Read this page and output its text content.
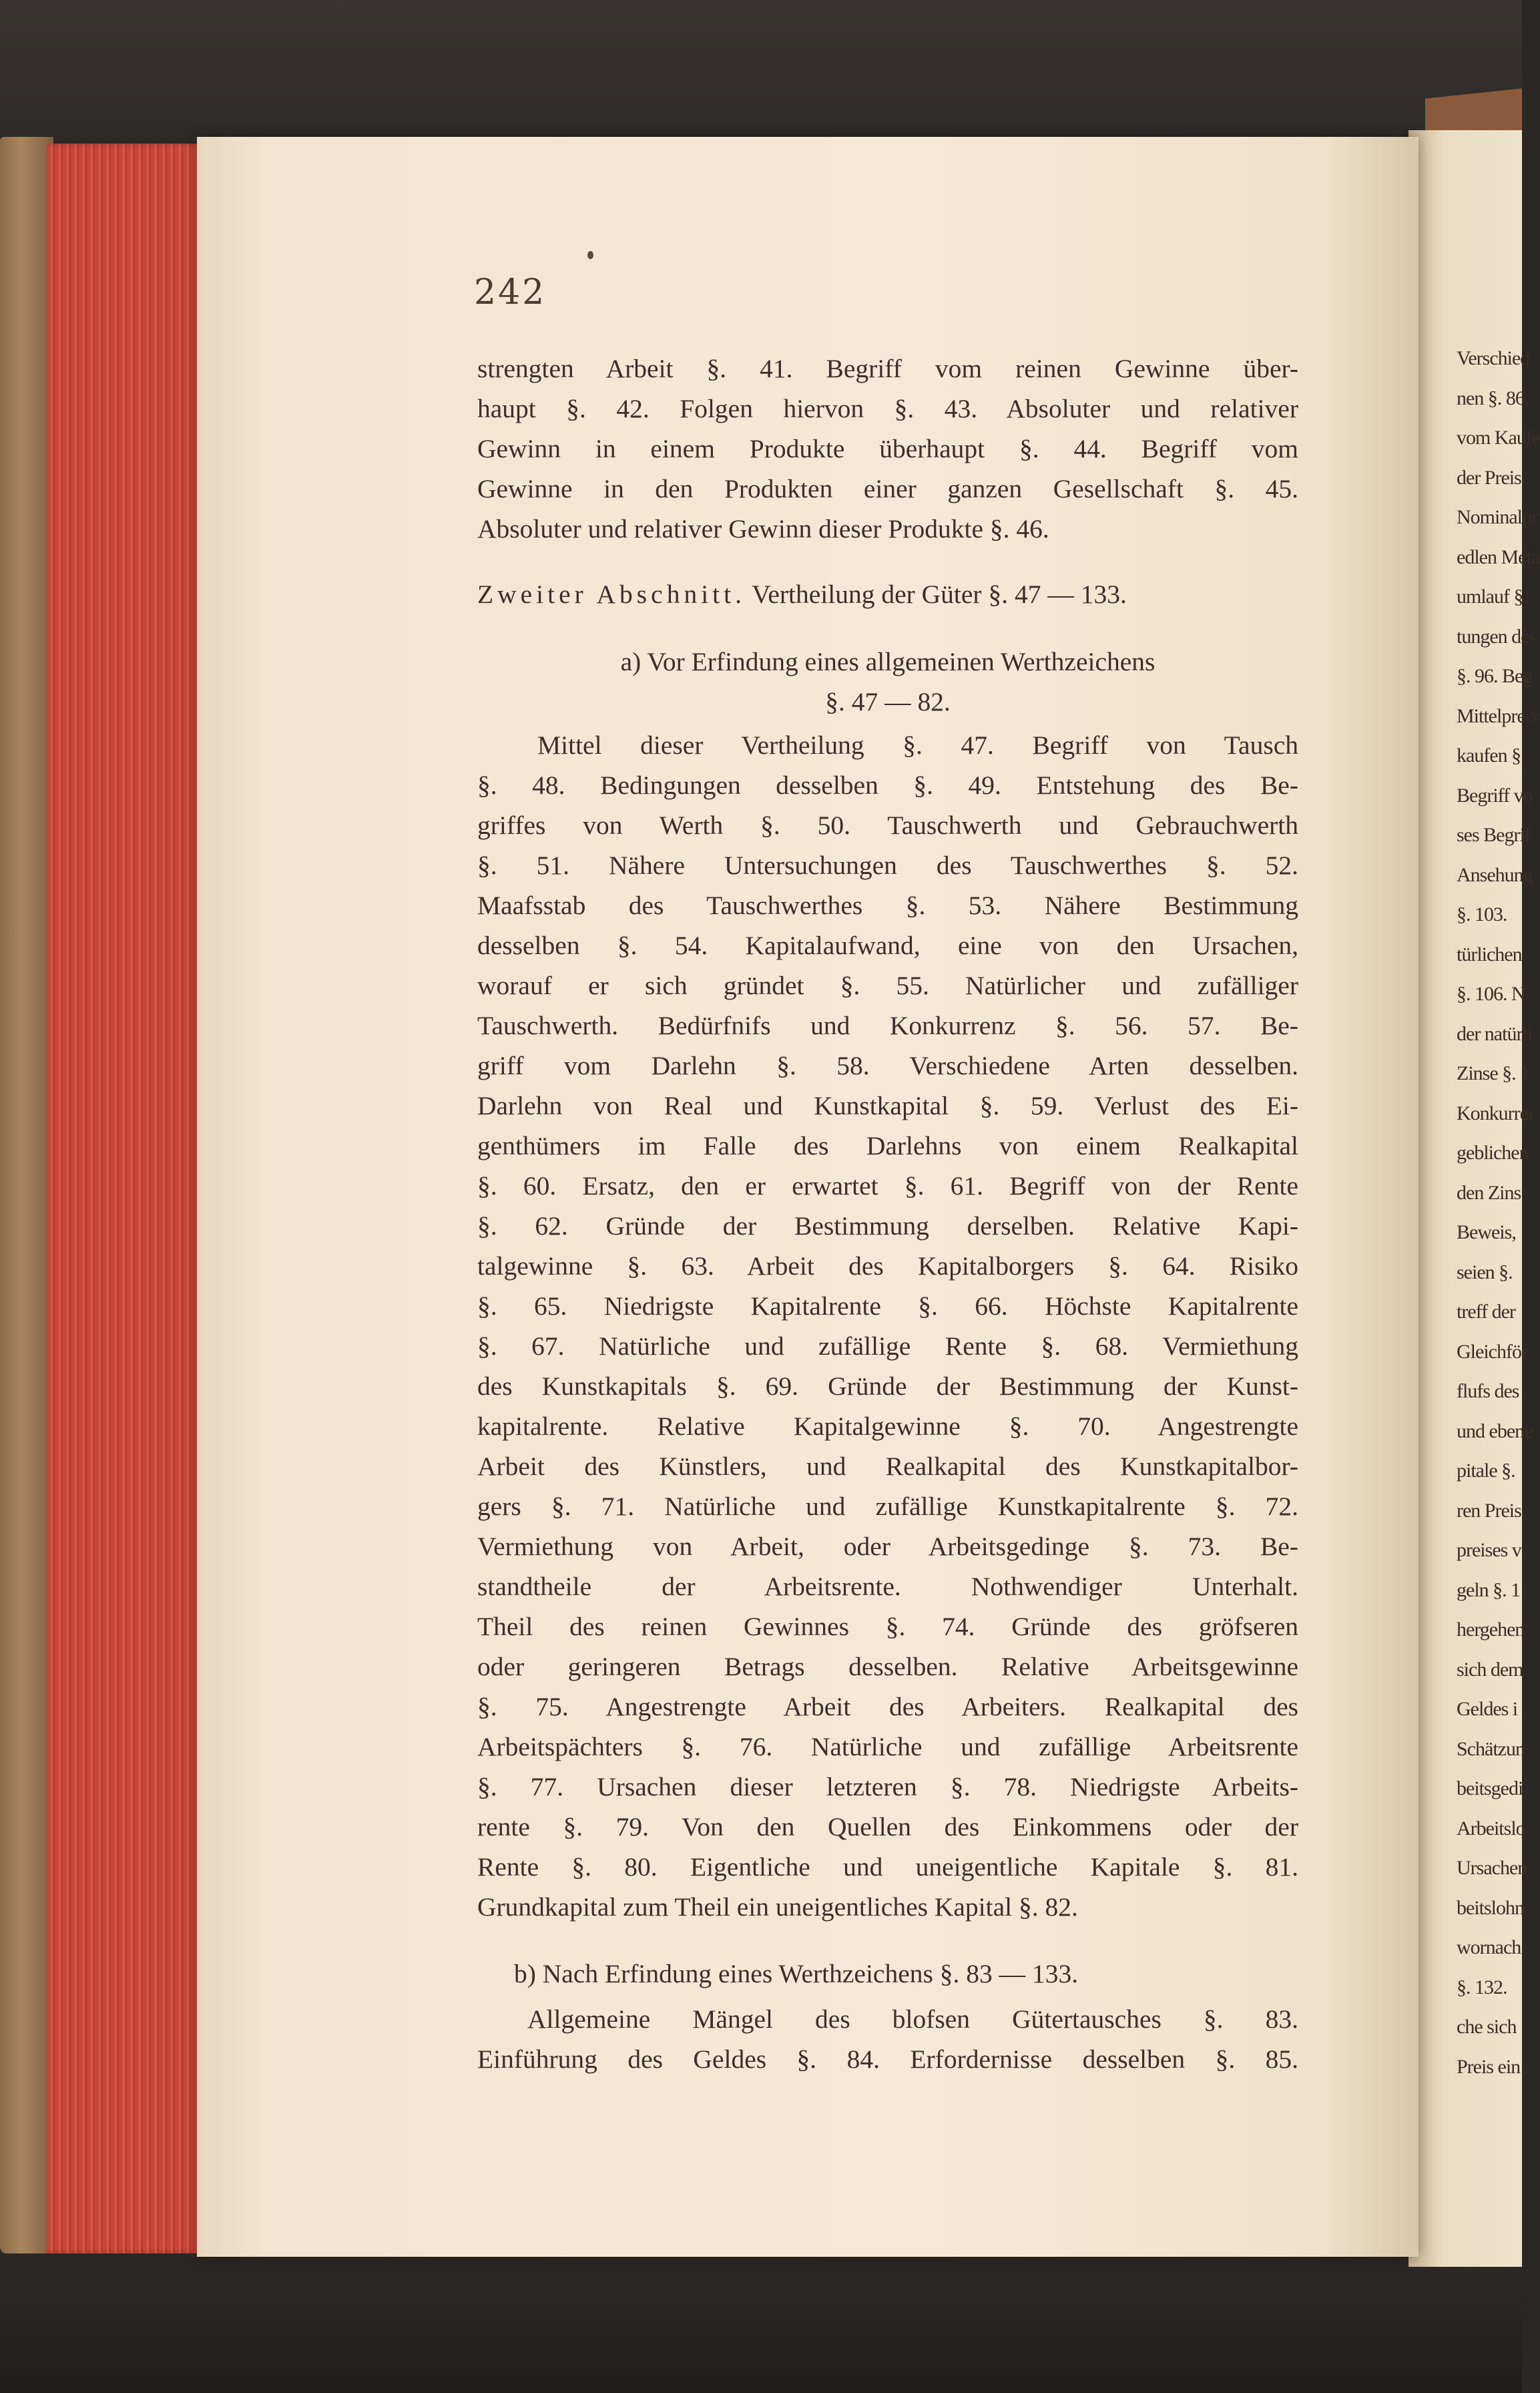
242
strengten Arbeit §. 41. Begriff vom reinen Gewinne über-
haupt §. 42. Folgen hiervon §. 43. Absoluter und relativer
Gewinn in einem Produkte überhaupt §. 44. Begriff vom
Gewinne in den Produkten einer ganzen Gesellschaft §. 45.
Absoluter und relativer Gewinn dieser Produkte §. 46.
Zweiter Abschnitt. Vertheilung der Güter §. 47 — 133.
a) Vor Erfindung eines allgemeinen Werthzeichens
§. 47 — 82.
Mittel dieser Vertheilung §. 47. Begriff von Tausch
§. 48. Bedingungen desselben §. 49. Entstehung des Be-
griffes von Werth §. 50. Tauschwerth und Gebrauchwerth
§. 51. Nähere Untersuchungen des Tauschwerthes §. 52.
Maafsstab des Tauschwerthes §. 53. Nähere Bestimmung
desselben §. 54. Kapitalaufwand, eine von den Ursachen,
worauf er sich gründet §. 55. Natürlicher und zufälliger
Tauschwerth. Bedürfnifs und Konkurrenz §. 56. 57. Be-
griff vom Darlehn §. 58. Verschiedene Arten desselben.
Darlehn von Real und Kunstkapital §. 59. Verlust des Ei-
genthümers im Falle des Darlehns von einem Realkapital
§. 60. Ersatz, den er erwartet §. 61. Begriff von der Rente
§. 62. Gründe der Bestimmung derselben. Relative Kapi-
talgewinne §. 63. Arbeit des Kapitalborgers §. 64. Risiko
§. 65. Niedrigste Kapitalrente §. 66. Höchste Kapitalrente
§. 67. Natürliche und zufällige Rente §. 68. Vermiethung
des Kunstkapitals §. 69. Gründe der Bestimmung der Kunst-
kapitalrente. Relative Kapitalgewinne §. 70. Angestrengte
Arbeit des Künstlers, und Realkapital des Kunstkapitalbor-
gers §. 71. Natürliche und zufällige Kunstkapitalrente §. 72.
Vermiethung von Arbeit, oder Arbeitsgedinge §. 73. Be-
standtheile der Arbeitsrente. Nothwendiger Unterhalt.
Theil des reinen Gewinnes §. 74. Gründe des gröfseren
oder geringeren Betrags desselben. Relative Arbeitsgewinne
§. 75. Angestrengte Arbeit des Arbeiters. Realkapital des
Arbeitspächters §. 76. Natürliche und zufällige Arbeitsrente
§. 77. Ursachen dieser letzteren §. 78. Niedrigste Arbeits-
rente §. 79. Von den Quellen des Einkommens oder der
Rente §. 80. Eigentliche und uneigentliche Kapitale §. 81.
Grundkapital zum Theil ein uneigentliches Kapital §. 82.
b) Nach Erfindung eines Werthzeichens §. 83 — 133.
Allgemeine Mängel des blofsen Gütertausches §. 83.
Einführung des Geldes §. 84. Erfordernisse desselben §. 85.
Verschied
nen §. 86.
vom Kaufe
der Preis
Nominalpr
edlen Meta
umlauf §.
tungen des
§. 96. Beg
Mittelpreis
kaufen §.
Begriff vo
ses Begrif
Ansehung
§. 103.
türlichen
§. 106. N
der natürli
Zinse §. 1
Konkurrer
geblichen
den Zins
Beweis,
seien §.
treff der
Gleichför
flufs des
und ebene
pitale §.
ren Preis
preises v
geln §. 1
hergehen
sich dem
Geldes i
Schätzun
beitsgedi
Arbeitslo
Ursachen
beitslohn
wornach
§. 132.
che sich
Preis ein
